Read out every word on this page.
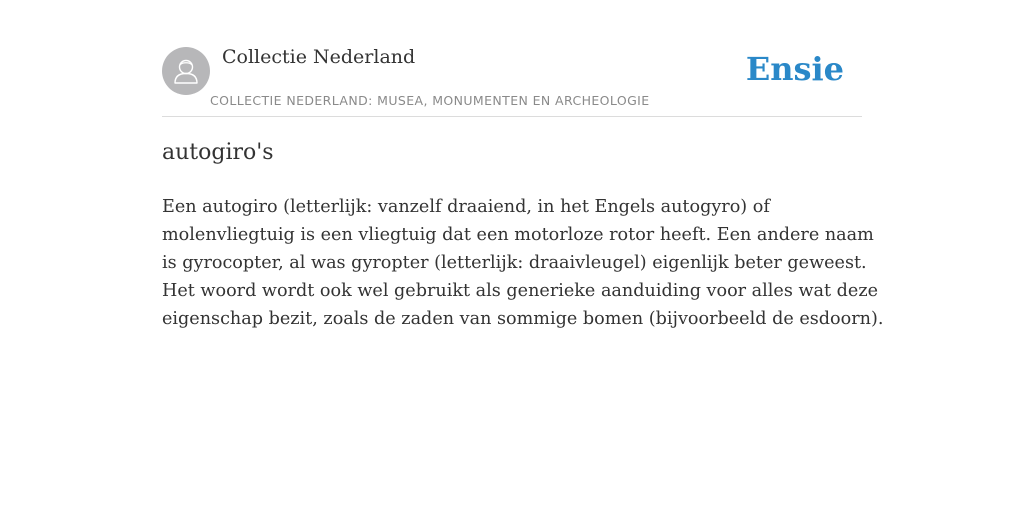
Collectie Nederland
COLLECTIE NEDERLAND: MUSEA, MONUMENTEN EN ARCHEOLOGIE
Ensie
autogiro's

Een autogiro (letterlijk: vanzelf draaiend, in het Engels autogyro) of
molenvliegtuig is een vliegtuig dat een motorloze rotor heeft. Een andere naam
is gyrocopter, al was gyropter (letterlijk: draaivleugel) eigenlijk beter geweest.
Het woord wordt ook wel gebruikt als generieke aanduiding voor alles wat deze
eigenschap bezit, zoals de zaden van sommige bomen (bijvoorbeeld de esdoorn).
